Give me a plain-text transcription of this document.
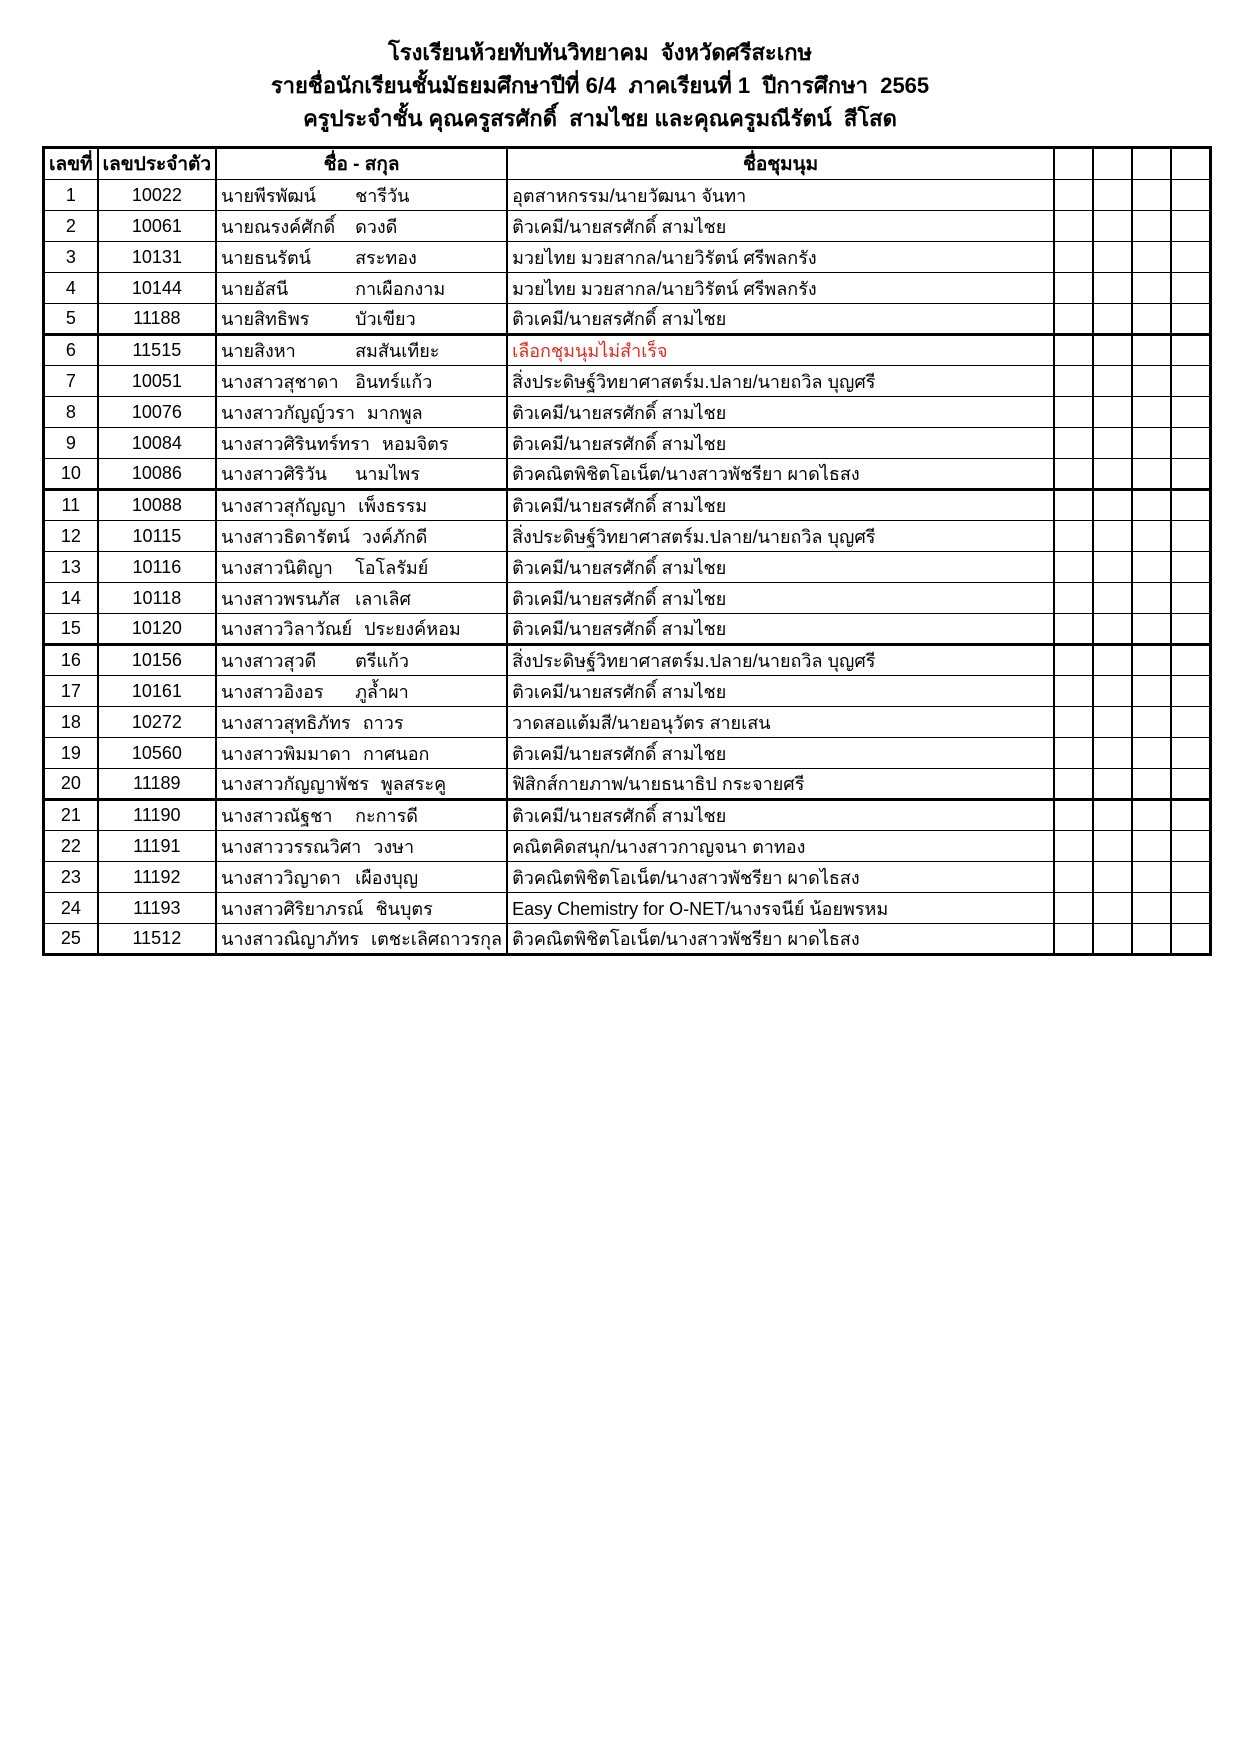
โรงเรียนห้วยทับทันวิทยาคม  จังหวัดศรีสะเกษ
รายชื่อนักเรียนชั้นมัธยมศึกษาปีที่ 6/4  ภาคเรียนที่ 1  ปีการศึกษา  2565
ครูประจำชั้น คุณครูสรศักดิ์  สามไชย และคุณครูมณีรัตน์  สีโสด
เลขที่	เลขประจำตัว	ชื่อ - สกุล	ชื่อชุมนุม				
1	10022	นายพีรพัฒน์ ชารีวัน	อุตสาหกรรม/นายวัฒนา จันทา				
2	10061	นายณรงค์ศักดิ์ ดวงดี	ติวเคมี/นายสรศักดิ์ สามไชย				
3	10131	นายธนรัตน์ สระทอง	มวยไทย มวยสากล/นายวิรัตน์ ศรีพลกรัง				
4	10144	นายอัสนี กาเผือกงาม	มวยไทย มวยสากล/นายวิรัตน์ ศรีพลกรัง				
5	11188	นายสิทธิพร บัวเขียว	ติวเคมี/นายสรศักดิ์ สามไชย				
6	11515	นายสิงหา สมสันเทียะ	เลือกชุมนุมไม่สำเร็จ				
7	10051	นางสาวสุชาดา อินทร์แก้ว	สิ่งประดิษฐ์วิทยาศาสตร์ม.ปลาย/นายถวิล บุญศรี				
8	10076	นางสาวกัญญ์วรา มากพูล	ติวเคมี/นายสรศักดิ์ สามไชย				
9	10084	นางสาวศิรินทร์ทรา หอมจิตร	ติวเคมี/นายสรศักดิ์ สามไชย				
10	10086	นางสาวศิริวัน นามไพร	ติวคณิตพิชิตโอเน็ต/นางสาวพัชรียา ผาดไธสง				
11	10088	นางสาวสุกัญญา เพ็งธรรม	ติวเคมี/นายสรศักดิ์ สามไชย				
12	10115	นางสาวธิดารัตน์ วงค์ภักดี	สิ่งประดิษฐ์วิทยาศาสตร์ม.ปลาย/นายถวิล บุญศรี				
13	10116	นางสาวนิติญา โอโลรัมย์	ติวเคมี/นายสรศักดิ์ สามไชย				
14	10118	นางสาวพรนภัส เลาเลิศ	ติวเคมี/นายสรศักดิ์ สามไชย				
15	10120	นางสาววิลาวัณย์ ประยงค์หอม	ติวเคมี/นายสรศักดิ์ สามไชย				
16	10156	นางสาวสุวดี ตรีแก้ว	สิ่งประดิษฐ์วิทยาศาสตร์ม.ปลาย/นายถวิล บุญศรี				
17	10161	นางสาวอิงอร ภูล้ำผา	ติวเคมี/นายสรศักดิ์ สามไชย				
18	10272	นางสาวสุทธิภัทร ถาวร	วาดสอแต้มสี/นายอนุวัตร สายเสน				
19	10560	นางสาวพิมมาดา กาศนอก	ติวเคมี/นายสรศักดิ์ สามไชย				
20	11189	นางสาวกัญญาพัชร พูลสระคู	ฟิสิกส์กายภาพ/นายธนาธิป กระจายศรี				
21	11190	นางสาวณัฐชา กะการดี	ติวเคมี/นายสรศักดิ์ สามไชย				
22	11191	นางสาววรรณวิศา วงษา	คณิตคิดสนุก/นางสาวกาญจนา ตาทอง				
23	11192	นางสาววิญาดา เผืองบุญ	ติวคณิตพิชิตโอเน็ต/นางสาวพัชรียา ผาดไธสง				
24	11193	นางสาวศิริยาภรณ์ ชินบุตร	Easy Chemistry for O-NET/นางรจนีย์ น้อยพรหม				
25	11512	นางสาวณิญาภัทร เตชะเลิศถาวรกุล	ติวคณิตพิชิตโอเน็ต/นางสาวพัชรียา ผาดไธสง				
